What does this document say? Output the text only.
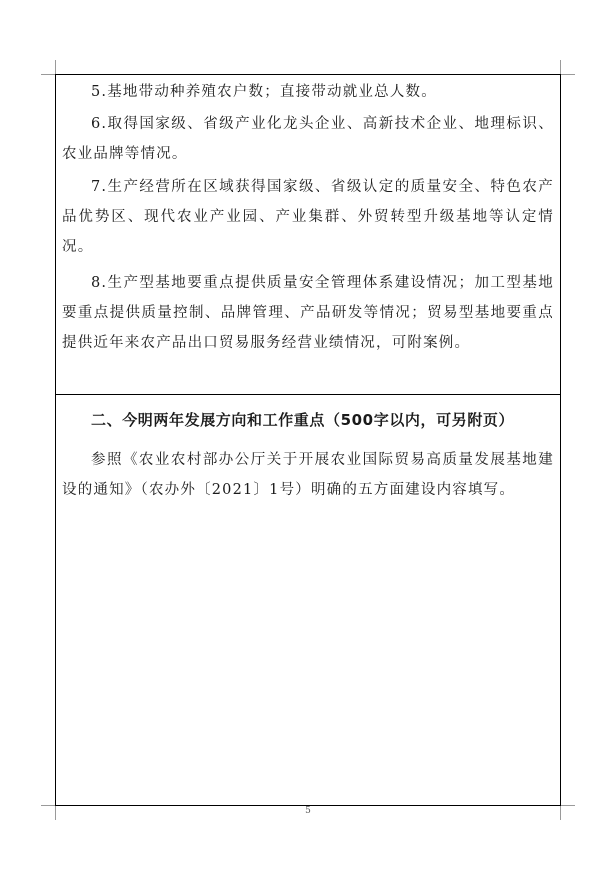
5.基地带动种养殖农户数；直接带动就业总人数。

6.取得国家级、省级产业化龙头企业、高新技术企业、地理标识、农业品牌等情况。

7.生产经营所在区域获得国家级、省级认定的质量安全、特色农产品优势区、现代农业产业园、产业集群、外贸转型升级基地等认定情况。

8.生产型基地要重点提供质量安全管理体系建设情况；加工型基地要重点提供质量控制、品牌管理、产品研发等情况；贸易型基地要重点提供近年来农产品出口贸易服务经营业绩情况，可附案例。

二、今明两年发展方向和工作重点（500字以内，可另附页）

参照《农业农村部办公厅关于开展农业国际贸易高质量发展基地建设的通知》（农办外〔2021〕1号）明确的五方面建设内容填写。

5
